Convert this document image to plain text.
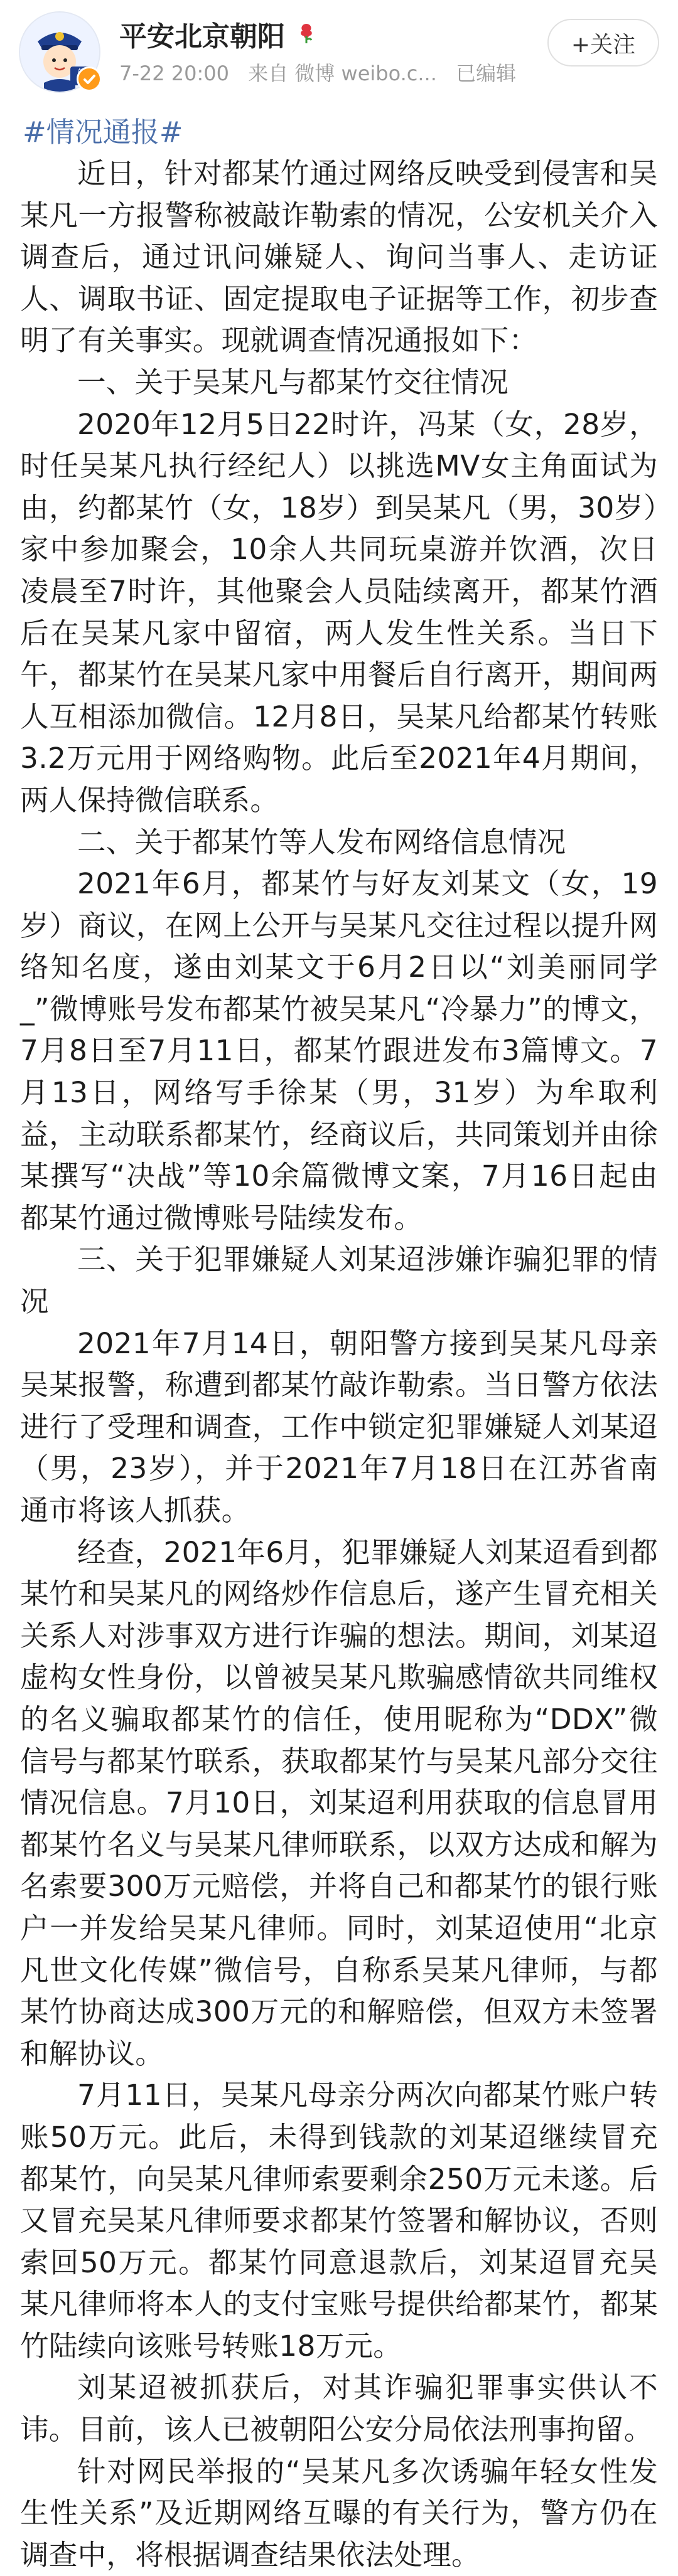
平安北京朝阳
7-22 20:00 来自 微博 weibo.c... 已编辑
+关注
#情况通报#

近日，针对都某竹通过网络反映受到侵害和吴某凡一方报警称被敲诈勒索的情况，公安机关介入调查后，通过讯问嫌疑人、询问当事人、走访证人、调取书证、固定提取电子证据等工作，初步查明了有关事实。现就调查情况通报如下：

一、关于吴某凡与都某竹交往情况

2020年12月5日22时许，冯某（女，28岁，时任吴某凡执行经纪人）以挑选MV女主角面试为由，约都某竹（女，18岁）到吴某凡（男，30岁）家中参加聚会，10余人共同玩桌游并饮酒，次日凌晨至7时许，其他聚会人员陆续离开，都某竹酒后在吴某凡家中留宿，两人发生性关系。当日下午，都某竹在吴某凡家中用餐后自行离开，期间两人互相添加微信。12月8日，吴某凡给都某竹转账3.2万元用于网络购物。此后至2021年4月期间，两人保持微信联系。

二、关于都某竹等人发布网络信息情况

2021年6月，都某竹与好友刘某文（女，19岁）商议，在网上公开与吴某凡交往过程以提升网络知名度，遂由刘某文于6月2日以“刘美丽同学_”微博账号发布都某竹被吴某凡“冷暴力”的博文，7月8日至7月11日，都某竹跟进发布3篇博文。7月13日，网络写手徐某（男，31岁）为牟取利益，主动联系都某竹，经商议后，共同策划并由徐某撰写“决战”等10余篇微博文案，7月16日起由都某竹通过微博账号陆续发布。

三、关于犯罪嫌疑人刘某迢涉嫌诈骗犯罪的情况

2021年7月14日，朝阳警方接到吴某凡母亲吴某报警，称遭到都某竹敲诈勒索。当日警方依法进行了受理和调查，工作中锁定犯罪嫌疑人刘某迢（男，23岁），并于2021年7月18日在江苏省南通市将该人抓获。

经查，2021年6月，犯罪嫌疑人刘某迢看到都某竹和吴某凡的网络炒作信息后，遂产生冒充相关关系人对涉事双方进行诈骗的想法。期间，刘某迢虚构女性身份，以曾被吴某凡欺骗感情欲共同维权的名义骗取都某竹的信任，使用昵称为“DDX”微信号与都某竹联系，获取都某竹与吴某凡部分交往情况信息。7月10日，刘某迢利用获取的信息冒用都某竹名义与吴某凡律师联系，以双方达成和解为名索要300万元赔偿，并将自己和都某竹的银行账户一并发给吴某凡律师。同时，刘某迢使用“北京凡世文化传媒”微信号，自称系吴某凡律师，与都某竹协商达成300万元的和解赔偿，但双方未签署和解协议。

7月11日，吴某凡母亲分两次向都某竹账户转账50万元。此后，未得到钱款的刘某迢继续冒充都某竹，向吴某凡律师索要剩余250万元未遂。后又冒充吴某凡律师要求都某竹签署和解协议，否则索回50万元。都某竹同意退款后，刘某迢冒充吴某凡律师将本人的支付宝账号提供给都某竹，都某竹陆续向该账号转账18万元。

刘某迢被抓获后，对其诈骗犯罪事实供认不讳。目前，该人已被朝阳公安分局依法刑事拘留。

针对网民举报的“吴某凡多次诱骗年轻女性发生性关系”及近期网络互曝的有关行为，警方仍在调查中，将根据调查结果依法处理。
